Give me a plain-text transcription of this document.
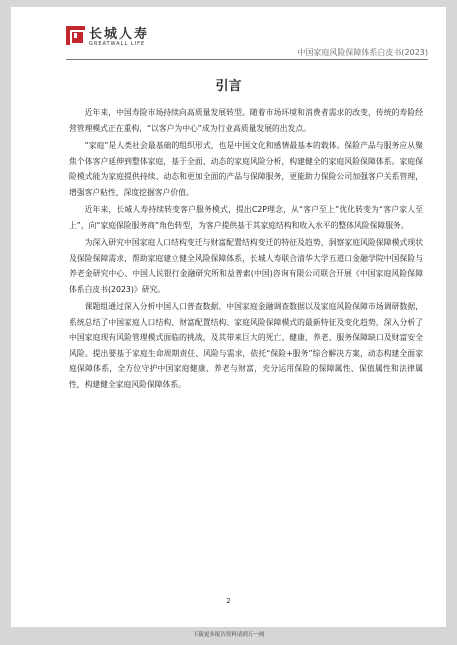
长城人寿
GREATWALL LIFE
中国家庭风险保障体系白皮书(2023)
引言

近年来，中国寿险市场持续向高质量发展转型。随着市场环境和消费者需求的改变，传统的寿险经营管理模式正在重构，“以客户为中心”成为行业高质量发展的出发点。

“家庭”是人类社会最基础的组织形式，也是中国文化和感情最基本的载体。保险产品与服务应从聚焦个体客户延伸到整体家庭，基于全面、动态的家庭风险分析，构建健全的家庭风险保障体系。家庭保险模式能为家庭提供持续、动态和更加全面的产品与保障服务，更能助力保险公司加强客户关系管理，增强客户粘性，深度挖掘客户价值。

近年来，长城人寿持续转变客户服务模式，提出C2P理念，从“客户至上”优化转变为“客户家人至上”，向“家庭保险服务商”角色转型，为客户提供基于其家庭结构和收入水平的整体风险保障服务。

为深入研究中国家庭人口结构变迁与财富配置结构变迁的特征及趋势，洞察家庭风险保障模式现状及保险保障需求，帮助家庭建立健全风险保障体系，长城人寿联合清华大学五道口金融学院中国保险与养老金研究中心、中国人民银行金融研究所和益普索(中国)咨询有限公司联合开展《中国家庭风险保障体系白皮书(2023)》研究。

课题组通过深入分析中国人口普查数据、中国家庭金融调查数据以及家庭风险保障市场调研数据，系统总结了中国家庭人口结构、财富配置结构、家庭风险保障模式的最新特征及变化趋势，深入分析了中国家庭现有风险管理模式面临的挑战，及其带来巨大的死亡、健康、养老、服务保障缺口及财富安全风险。提出要基于家庭生命周期责任、风险与需求，依托“保险+服务”综合解决方案，动态构建全面家庭保障体系，全方位守护中国家庭健康、养老与财富，充分运用保险的保障属性、保值属性和法律属性，构建健全家庭风险保障体系。

2
下载更多报告资料请到万一网
